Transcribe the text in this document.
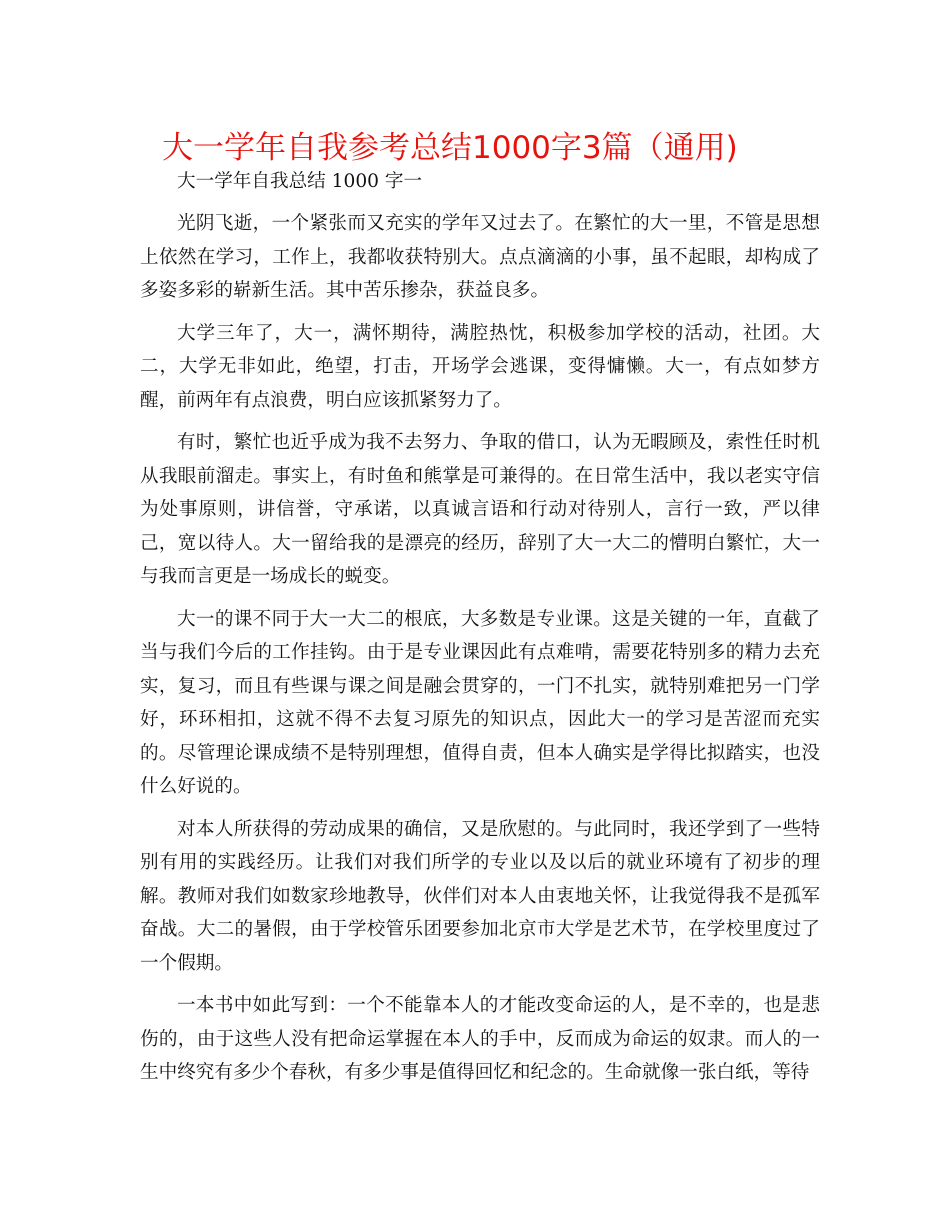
大一学年自我参考总结1000字3篇（通用)

大一学年自我总结 1000 字一

光阴飞逝，一个紧张而又充实的学年又过去了。在繁忙的大一里，不管是思想上依然在学习，工作上，我都收获特别大。点点滴滴的小事，虽不起眼，却构成了多姿多彩的崭新生活。其中苦乐掺杂，获益良多。

大学三年了，大一，满怀期待，满腔热忱，积极参加学校的活动，社团。大二，大学无非如此，绝望，打击，开场学会逃课，变得慵懒。大一，有点如梦方醒，前两年有点浪费，明白应该抓紧努力了。

有时，繁忙也近乎成为我不去努力、争取的借口，认为无暇顾及，索性任时机从我眼前溜走。事实上，有时鱼和熊掌是可兼得的。在日常生活中，我以老实守信为处事原则，讲信誉，守承诺，以真诚言语和行动对待别人，言行一致，严以律己，宽以待人。大一留给我的是漂亮的经历，辞别了大一大二的懵明白繁忙，大一与我而言更是一场成长的蜕变。

大一的课不同于大一大二的根底，大多数是专业课。这是关键的一年，直截了当与我们今后的工作挂钩。由于是专业课因此有点难啃，需要花特别多的精力去充实，复习，而且有些课与课之间是融会贯穿的，一门不扎实，就特别难把另一门学好，环环相扣，这就不得不去复习原先的知识点，因此大一的学习是苦涩而充实的。尽管理论课成绩不是特别理想，值得自责，但本人确实是学得比拟踏实，也没什么好说的。

对本人所获得的劳动成果的确信，又是欣慰的。与此同时，我还学到了一些特别有用的实践经历。让我们对我们所学的专业以及以后的就业环境有了初步的理解。教师对我们如数家珍地教导，伙伴们对本人由衷地关怀，让我觉得我不是孤军奋战。大二的暑假，由于学校管乐团要参加北京市大学是艺术节，在学校里度过了一个假期。

一本书中如此写到：一个不能靠本人的才能改变命运的人，是不幸的，也是悲伤的，由于这些人没有把命运掌握在本人的手中，反而成为命运的奴隶。而人的一生中终究有多少个春秋，有多少事是值得回忆和纪念的。生命就像一张白纸，等待
